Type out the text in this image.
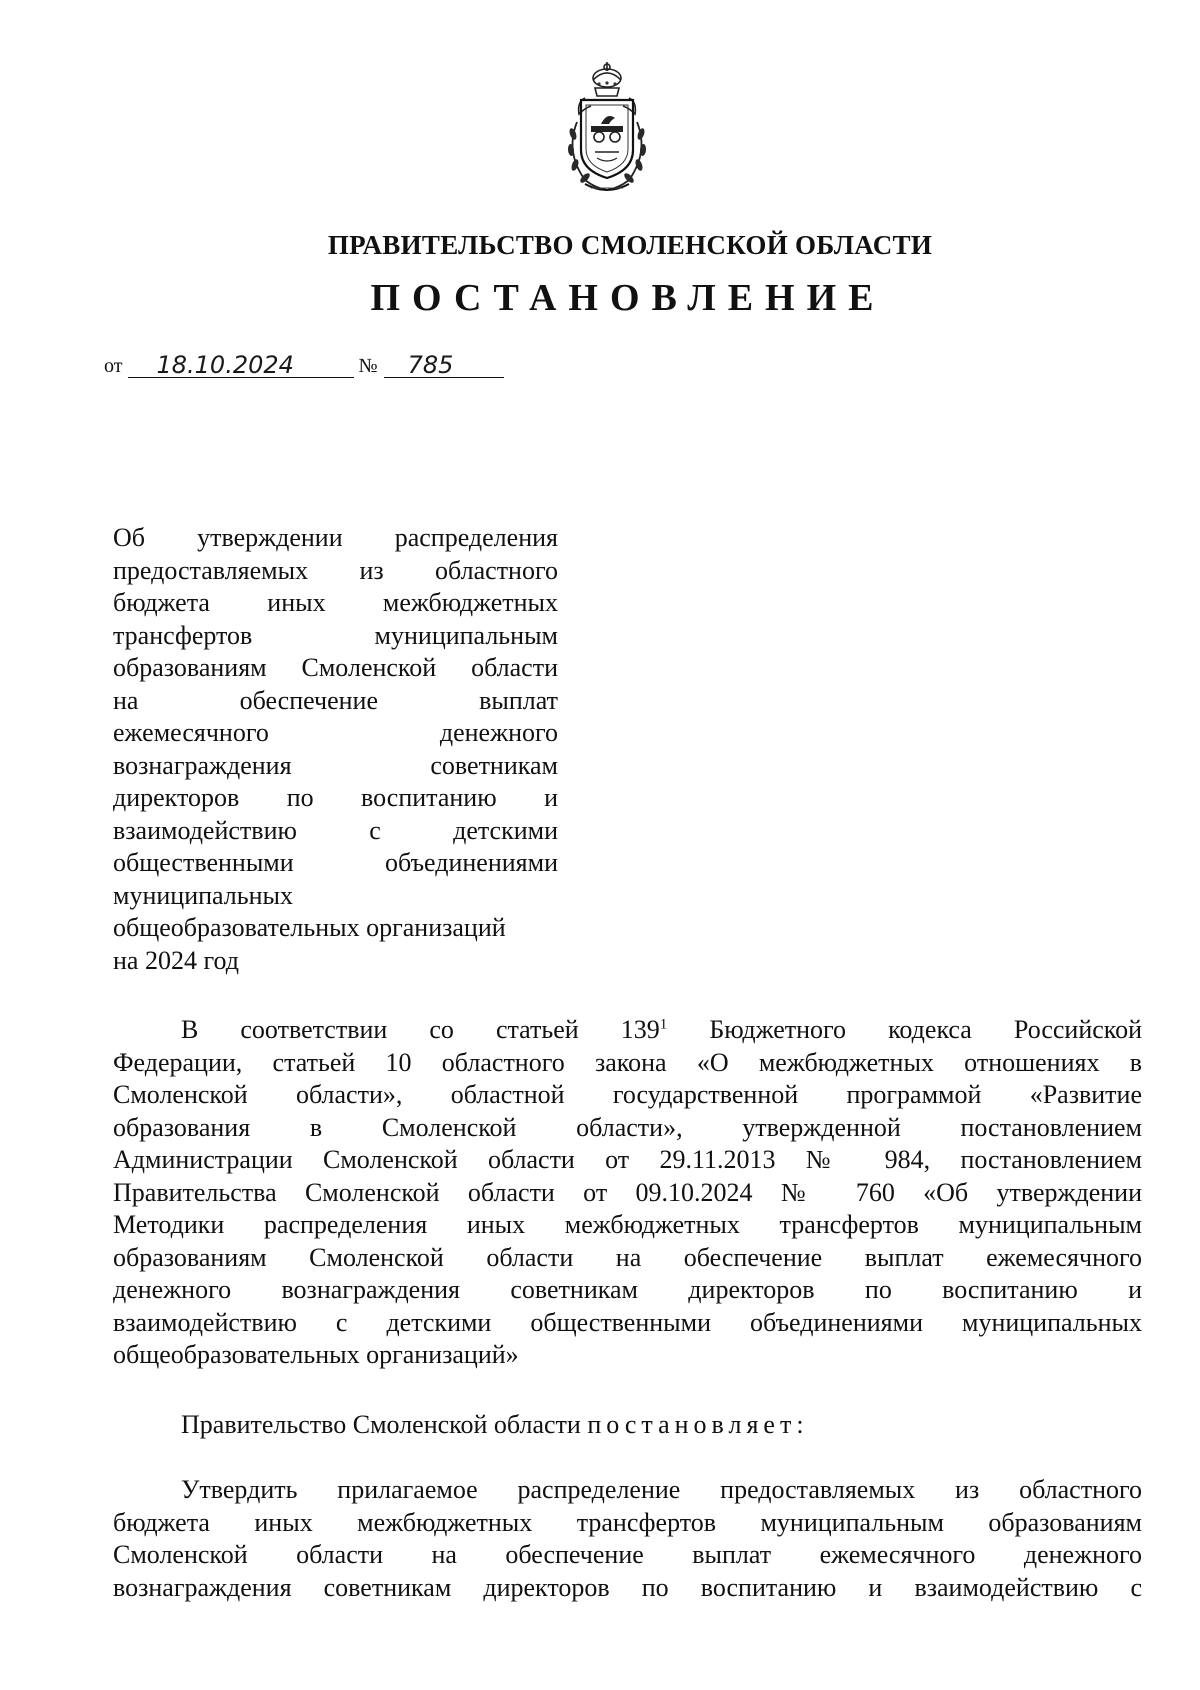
ПРАВИТЕЛЬСТВО СМОЛЕНСКОЙ ОБЛАСТИ
ПОСТАНОВЛЕНИЕ
от	18.10.2024	№	785
Об утверждении распределения
предоставляемых из областного
бюджета иных межбюджетных
трансфертов муниципальным
образованиям Смоленской области
на обеспечение выплат
ежемесячного денежного
вознаграждения советникам
директоров по воспитанию и
взаимодействию с детскими
общественными объединениями
муниципальных
общеобразовательных организаций
на 2024 год
В соответствии со статьей $139^1$ Бюджетного кодекса Российской
Федерации, статьей 10 областного закона «О межбюджетных отношениях в
Смоленской области», областной государственной программой «Развитие
образования в Смоленской области», утвержденной постановлением
Администрации Смоленской области от 29.11.2013 № 984, постановлением
Правительства Смоленской области от 09.10.2024 № 760 «Об утверждении
Методики распределения иных межбюджетных трансфертов муниципальным
образованиям Смоленской области на обеспечение выплат ежемесячного
денежного вознаграждения советникам директоров по воспитанию и
взаимодействию с детскими общественными объединениями муниципальных
общеобразовательных организаций»
Правительство Смоленской области постановляет:
Утвердить прилагаемое распределение предоставляемых из областного
бюджета иных межбюджетных трансфертов муниципальным образованиям
Смоленской области на обеспечение выплат ежемесячного денежного
вознаграждения советникам директоров по воспитанию и взаимодействию с
